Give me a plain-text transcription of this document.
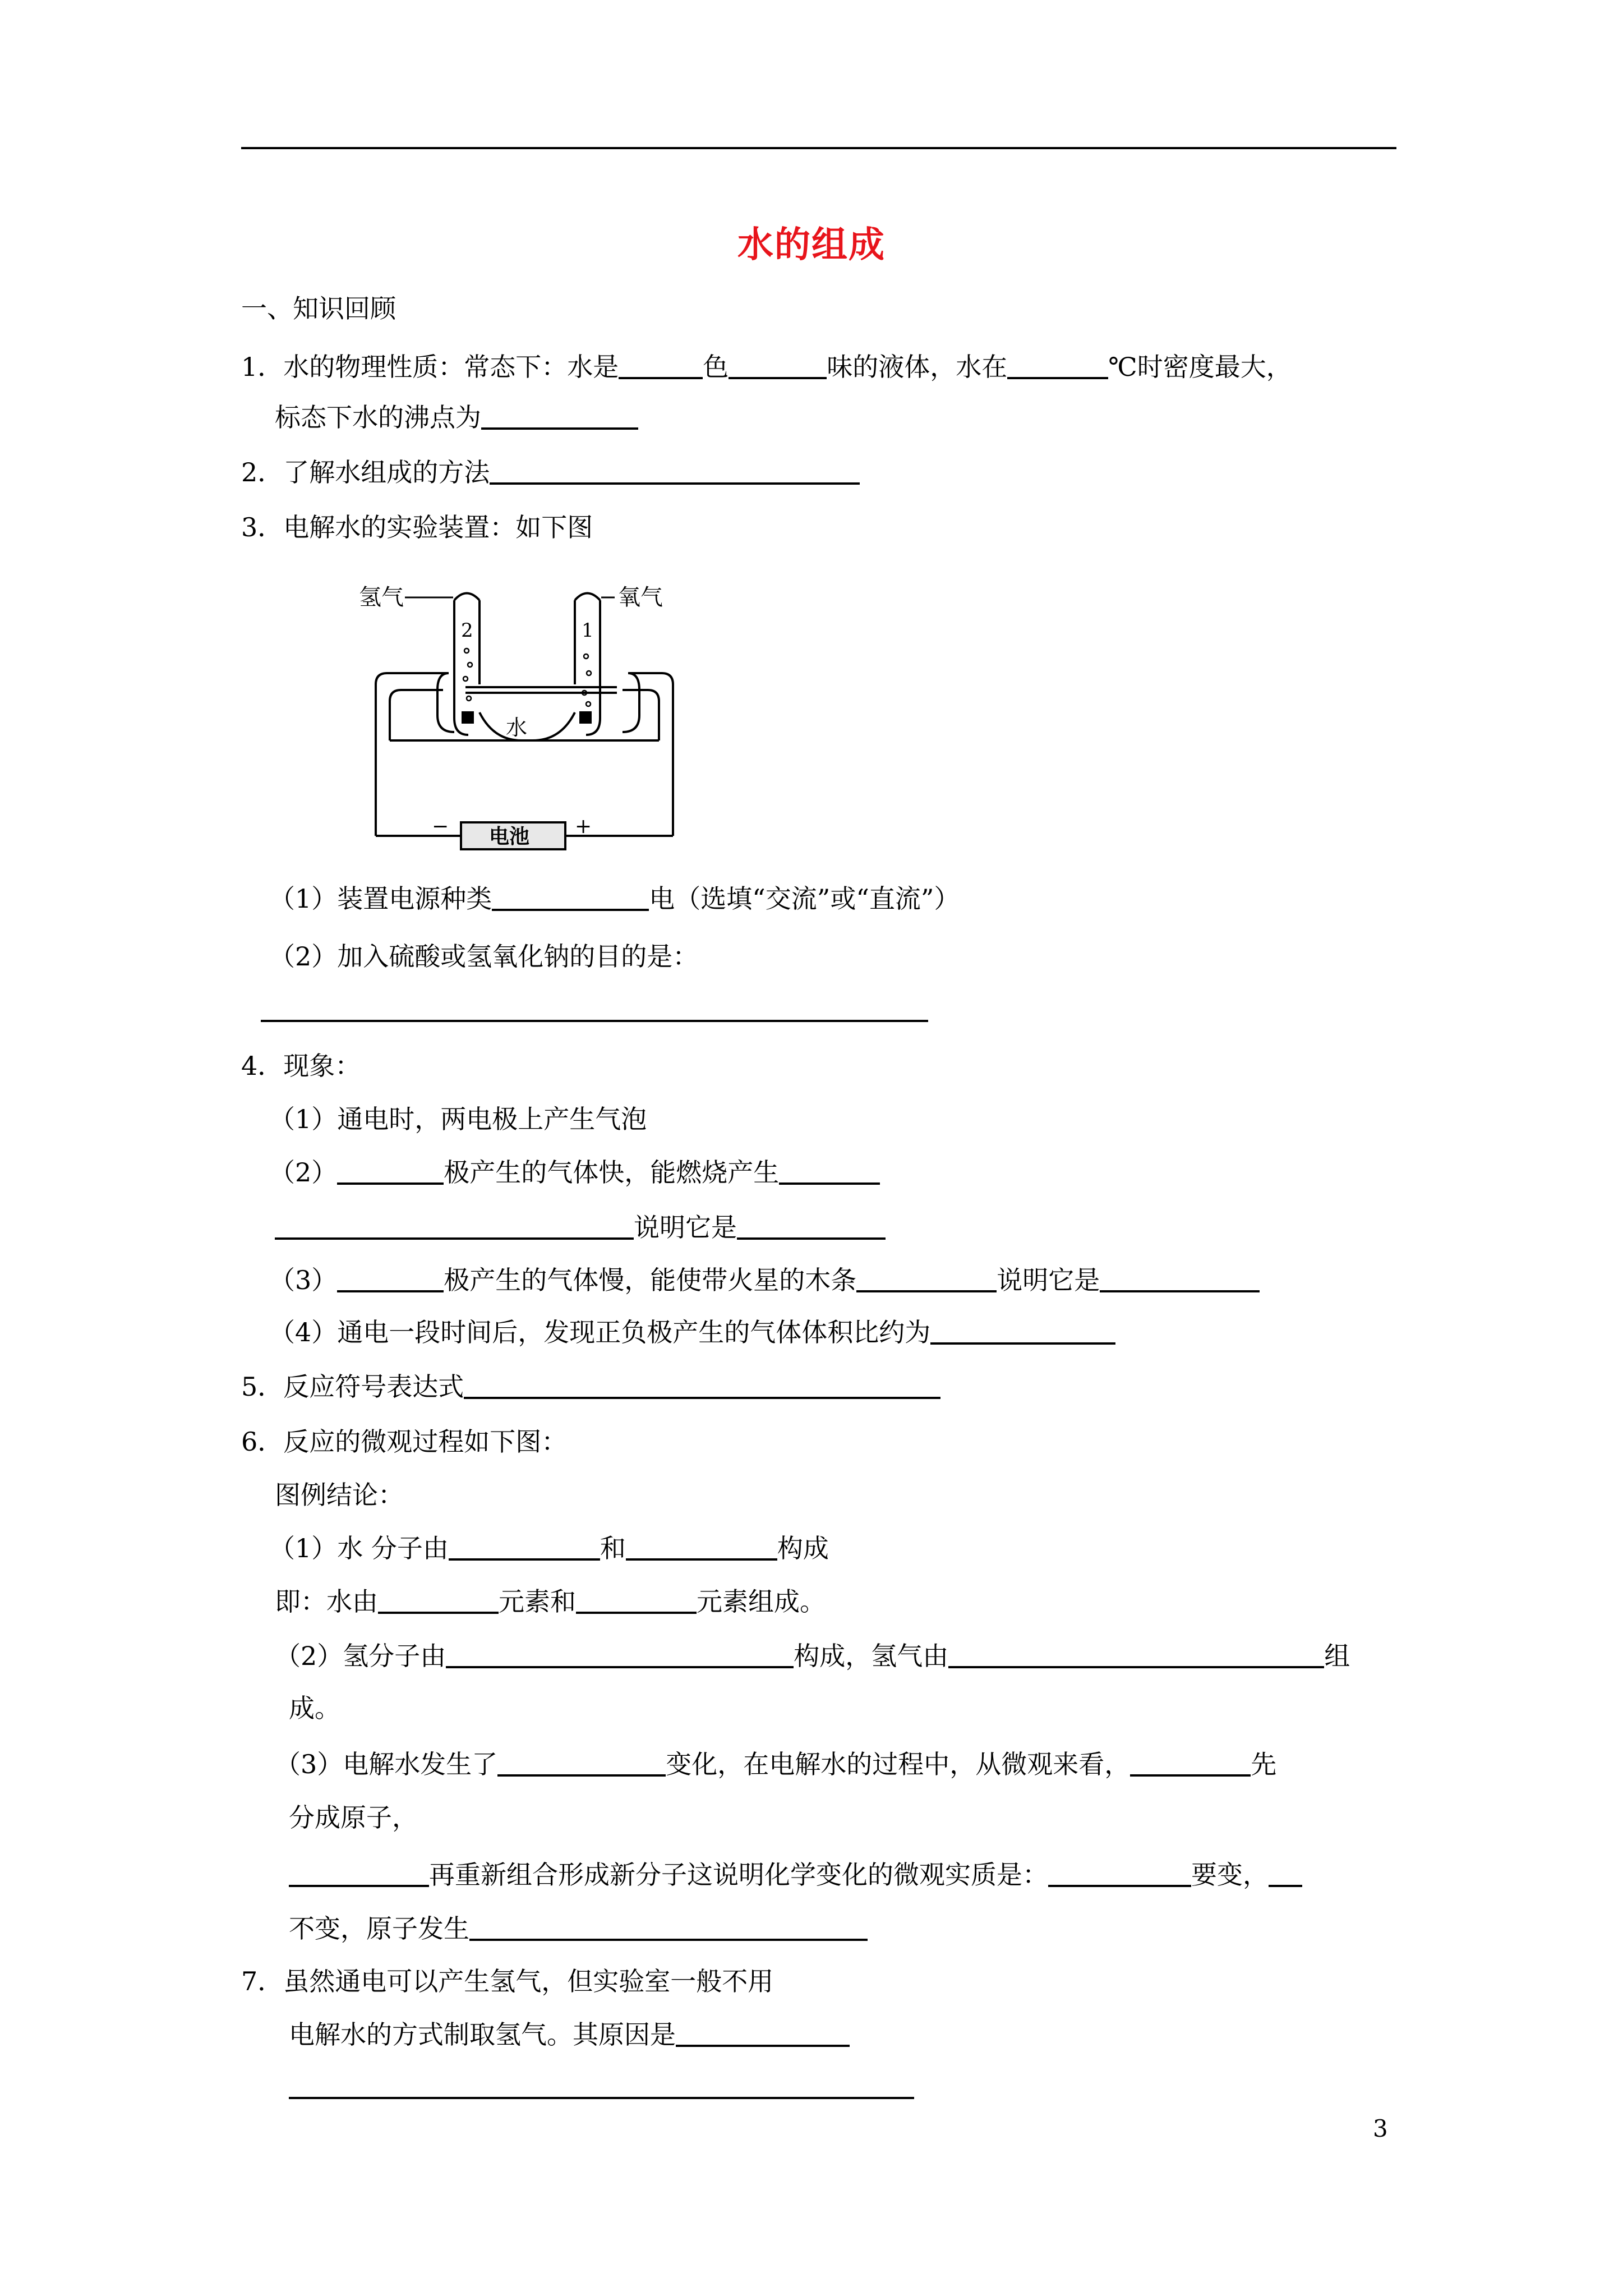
水的组成
一、知识回顾
1．水的物理性质：常态下：水是	色	味的液体，水在	℃时密度最大，
标态下水的沸点为
2．了解水组成的方法
3．电解水的实验装置：如下图
氢气	氧气
2	1
水
电池
−	+
（1）装置电源种类	电（选填“交流”或“直流”）
（2）加入硫酸或氢氧化钠的目的是：
4．现象：
（1）通电时，两电极上产生气泡
（2）	极产生的气体快，能燃烧产生
说明它是
（3）	极产生的气体慢，能使带火星的木条	说明它是
（4）通电一段时间后，发现正负极产生的气体体积比约为
5．反应符号表达式
6．反应的微观过程如下图：
图例结论：
（1）水 分子由	和	构成
即：水由	元素和	元素组成。
（2）氢分子由	构成，氢气由	组
成。
（3）电解水发生了	变化，在电解水的过程中，从微观来看，	先
分成原子，
再重新组合形成新分子这说明化学变化的微观实质是：	要变，
不变，原子发生
7．虽然通电可以产生氢气，但实验室一般不用
电解水的方式制取氢气。其原因是
3
